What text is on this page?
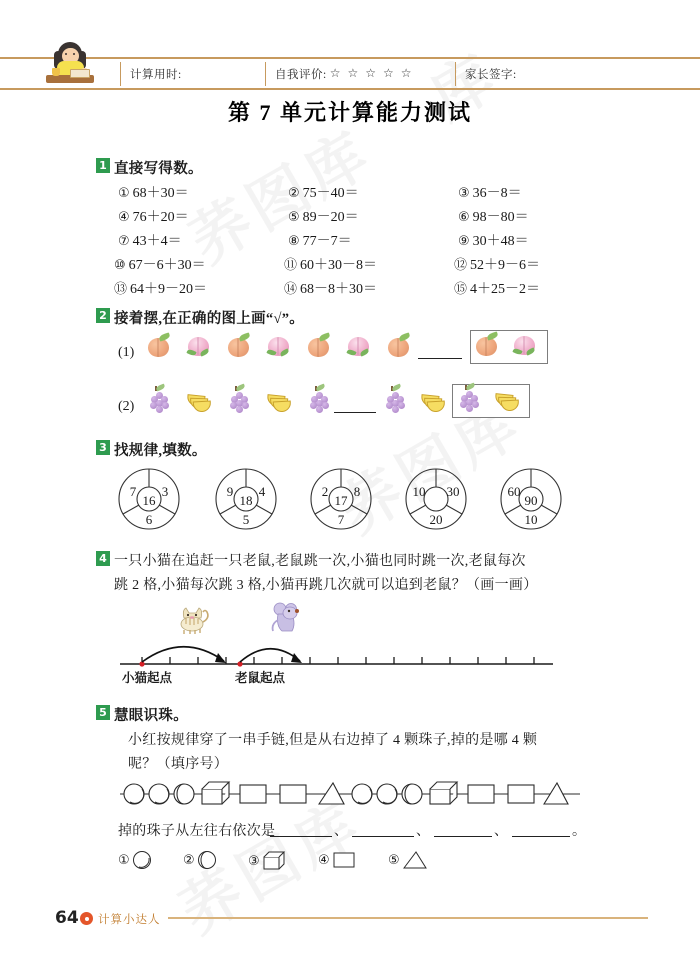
计算用时:	自我评价: ☆ ☆ ☆ ☆ ☆	家长签字:
第 7 单元计算能力测试
1 直接写得数。
① 68＋30＝	② 75－40＝	③ 36－8＝
④ 76＋20＝	⑤ 89－20＝	⑥ 98－80＝
⑦ 43＋4＝	⑧ 77－7＝	⑨ 30＋48＝
⑩ 67－6＋30＝	⑪ 60＋30－8＝	⑫ 52＋9－6＝
⑬ 64＋9－20＝	⑭ 68－8＋30＝	⑮ 4＋25－2＝
2 接着摆,在正确的图上画“√”。
(1)
(2)
3 找规律,填数。
7
16
3
6
9
18
4
5
2
17
8
7
10 30
20
60
90
10
4 一只小猫在追赶一只老鼠,老鼠跳一次,小猫也同时跳一次,老鼠每次
跳 2 格,小猫每次跳 3 格,小猫再跳几次就可以追到老鼠？（画一画）
小猫起点	老鼠起点
5 慧眼识珠。
小红按规律穿了一串手链,但是从右边掉了 4 颗珠子,掉的是哪 4 颗
呢？（填序号）
掉的珠子从左往右依次是	、	、	、	。
①	②	③	④	⑤
64 计算小达人
